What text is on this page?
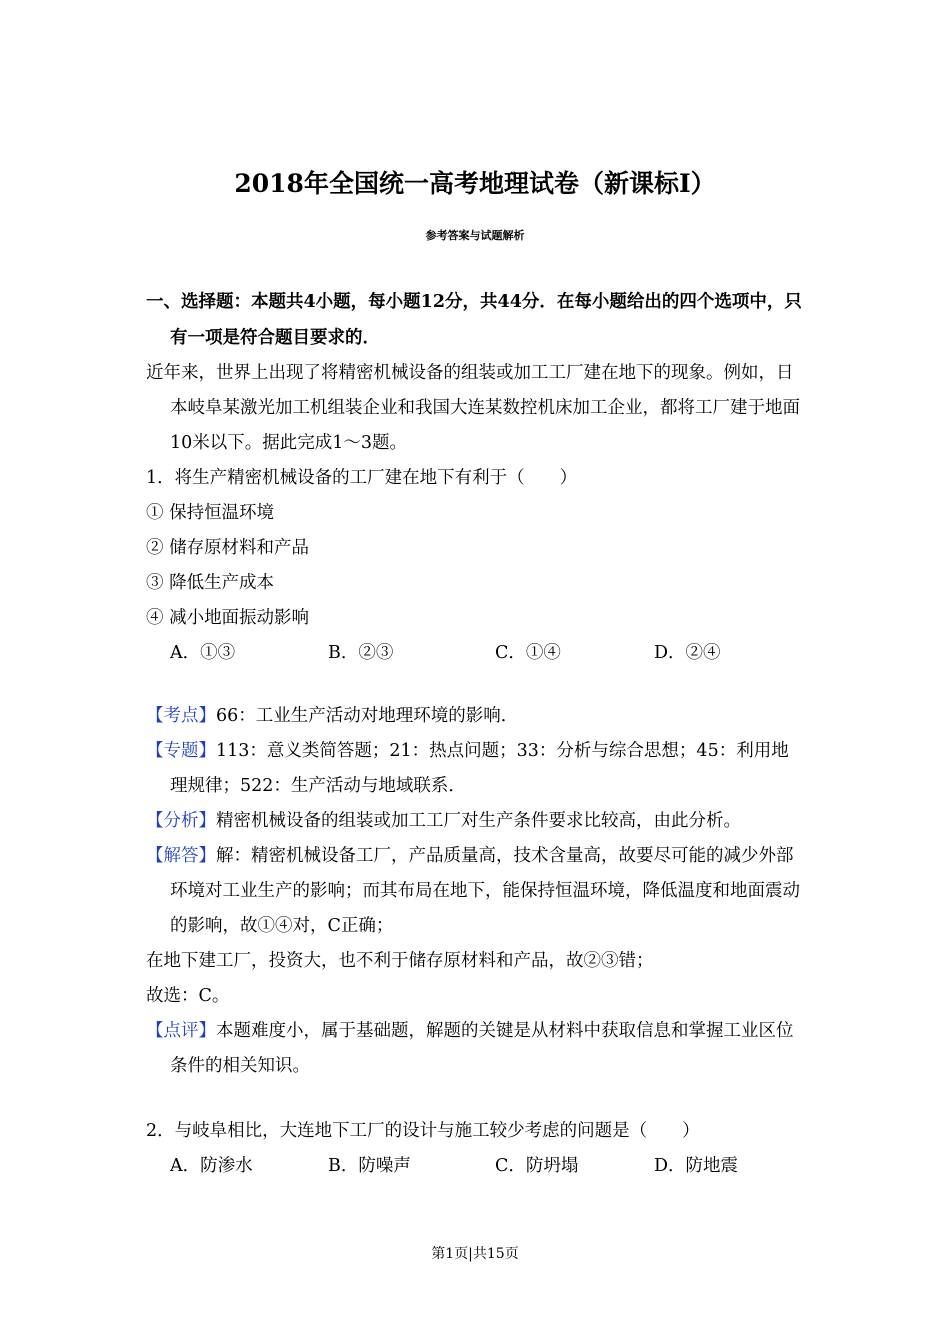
2018年全国统一高考地理试卷（新课标Ⅰ）
参考答案与试题解析

一、选择题：本题共4小题，每小题12分，共44分．在每小题给出的四个选项中，只有一项是符合题目要求的．

近年来，世界上出现了将精密机械设备的组装或加工工厂建在地下的现象。例如，日本岐阜某激光加工机组装企业和我国大连某数控机床加工企业，都将工厂建于地面10米以下。据此完成1～3题。

1．将生产精密机械设备的工厂建在地下有利于（　　）

① 保持恒温环境

② 储存原材料和产品

③ 降低生产成本

④ 减小地面振动影响

A．①③	B．②③	C．①④	D．②④

【考点】66：工业生产活动对地理环境的影响．

【专题】113：意义类简答题；21：热点问题；33：分析与综合思想；45：利用地理规律；522：生产活动与地域联系．

【分析】精密机械设备的组装或加工工厂对生产条件要求比较高，由此分析。

【解答】解：精密机械设备工厂，产品质量高，技术含量高，故要尽可能的减少外部环境对工业生产的影响；而其布局在地下，能保持恒温环境，降低温度和地面震动的影响，故①④对，C正确；

在地下建工厂，投资大，也不利于储存原材料和产品，故②③错；

故选：C。

【点评】本题难度小，属于基础题，解题的关键是从材料中获取信息和掌握工业区位条件的相关知识。

2．与岐阜相比，大连地下工厂的设计与施工较少考虑的问题是（　　）

A．防渗水	B．防噪声	C．防坍塌	D．防地震
第1页|共15页
